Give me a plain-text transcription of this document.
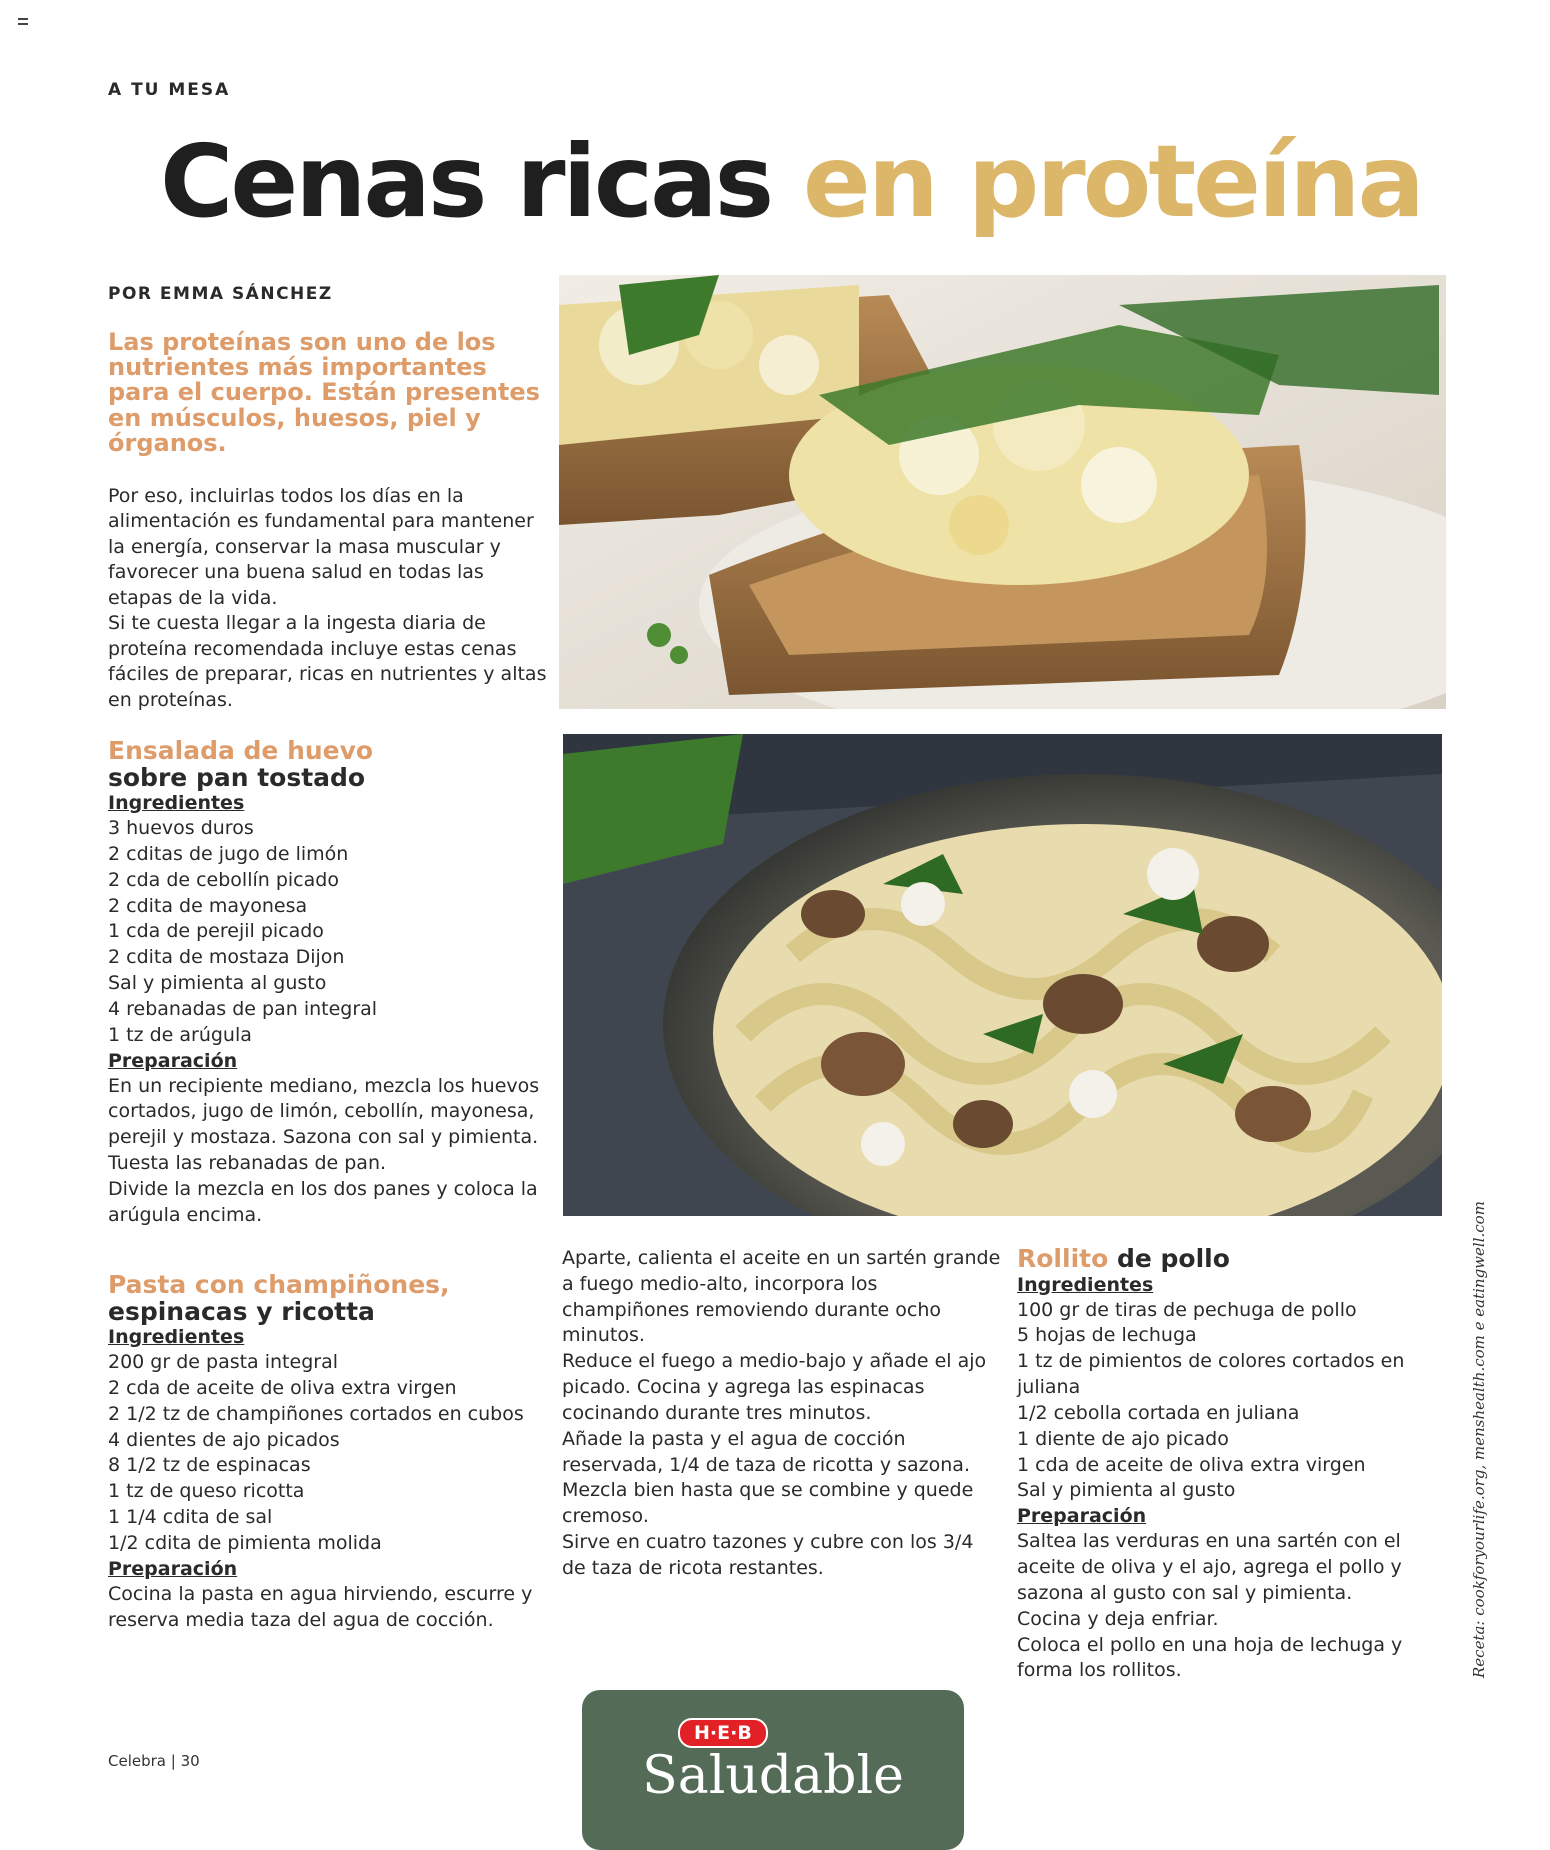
A TU MESA
Cenas ricas en proteína
POR EMMA SÁNCHEZ
Las proteínas son uno de los nutrientes más importantes para el cuerpo. Están presentes en músculos, huesos, piel y órganos.

Por eso, incluirlas todos los días en la alimentación es fundamental para mantener la energía, conservar la masa muscular y favorecer una buena salud en todas las etapas de la vida.

Si te cuesta llegar a la ingesta diaria de proteína recomendada incluye estas cenas fáciles de preparar, ricas en nutrientes y altas en proteínas.

Ensalada de huevo
sobre pan tostado
Ingredientes
3 huevos duros
2 cditas de jugo de limón
2 cda de cebollín picado
2 cdita de mayonesa
1 cda de perejil picado
2 cdita de mostaza Dijon
Sal y pimienta al gusto
4 rebanadas de pan integral
1 tz de arúgula
Preparación

En un recipiente mediano, mezcla los huevos cortados, jugo de limón, cebollín, mayonesa, perejil y mostaza. Sazona con sal y pimienta.

Tuesta las rebanadas de pan.

Divide la mezcla en los dos panes y coloca la arúgula encima.

Pasta con champiñones,
espinacas y ricotta
Ingredientes
200 gr de pasta integral
2 cda de aceite de oliva extra virgen
2 1/2 tz de champiñones cortados en cubos
4 dientes de ajo picados
8 1/2 tz de espinacas
1 tz de queso ricotta
1 1/4 cdita de sal
1/2 cdita de pimienta molida
Preparación

Cocina la pasta en agua hirviendo, escurre y reserva media taza del agua de cocción.

Aparte, calienta el aceite en un sartén grande a fuego medio-alto, incorpora los champiñones removiendo durante ocho minutos.

Reduce el fuego a medio-bajo y añade el ajo picado. Cocina y agrega las espinacas cocinando durante tres minutos.

Añade la pasta y el agua de cocción reservada, 1/4 de taza de ricotta y sazona.

Mezcla bien hasta que se combine y quede cremoso.

Sirve en cuatro tazones y cubre con los 3/4 de taza de ricota restantes.

Rollito de pollo
Ingredientes
100 gr de tiras de pechuga de pollo
5 hojas de lechuga
1 tz de pimientos de colores cortados en juliana
1/2 cebolla cortada en juliana
1 diente de ajo picado
1 cda de aceite de oliva extra virgen
Sal y pimienta al gusto
Preparación

Saltea las verduras en una sartén con el aceite de oliva y el ajo, agrega el pollo y sazona al gusto con sal y pimienta.

Cocina y deja enfriar.

Coloca el pollo en una hoja de lechuga y forma los rollitos.	Receta: cookforyourlife.org, menshealth.com e eatingwell.com
Celebra | 30
H·E·B
Saludable
